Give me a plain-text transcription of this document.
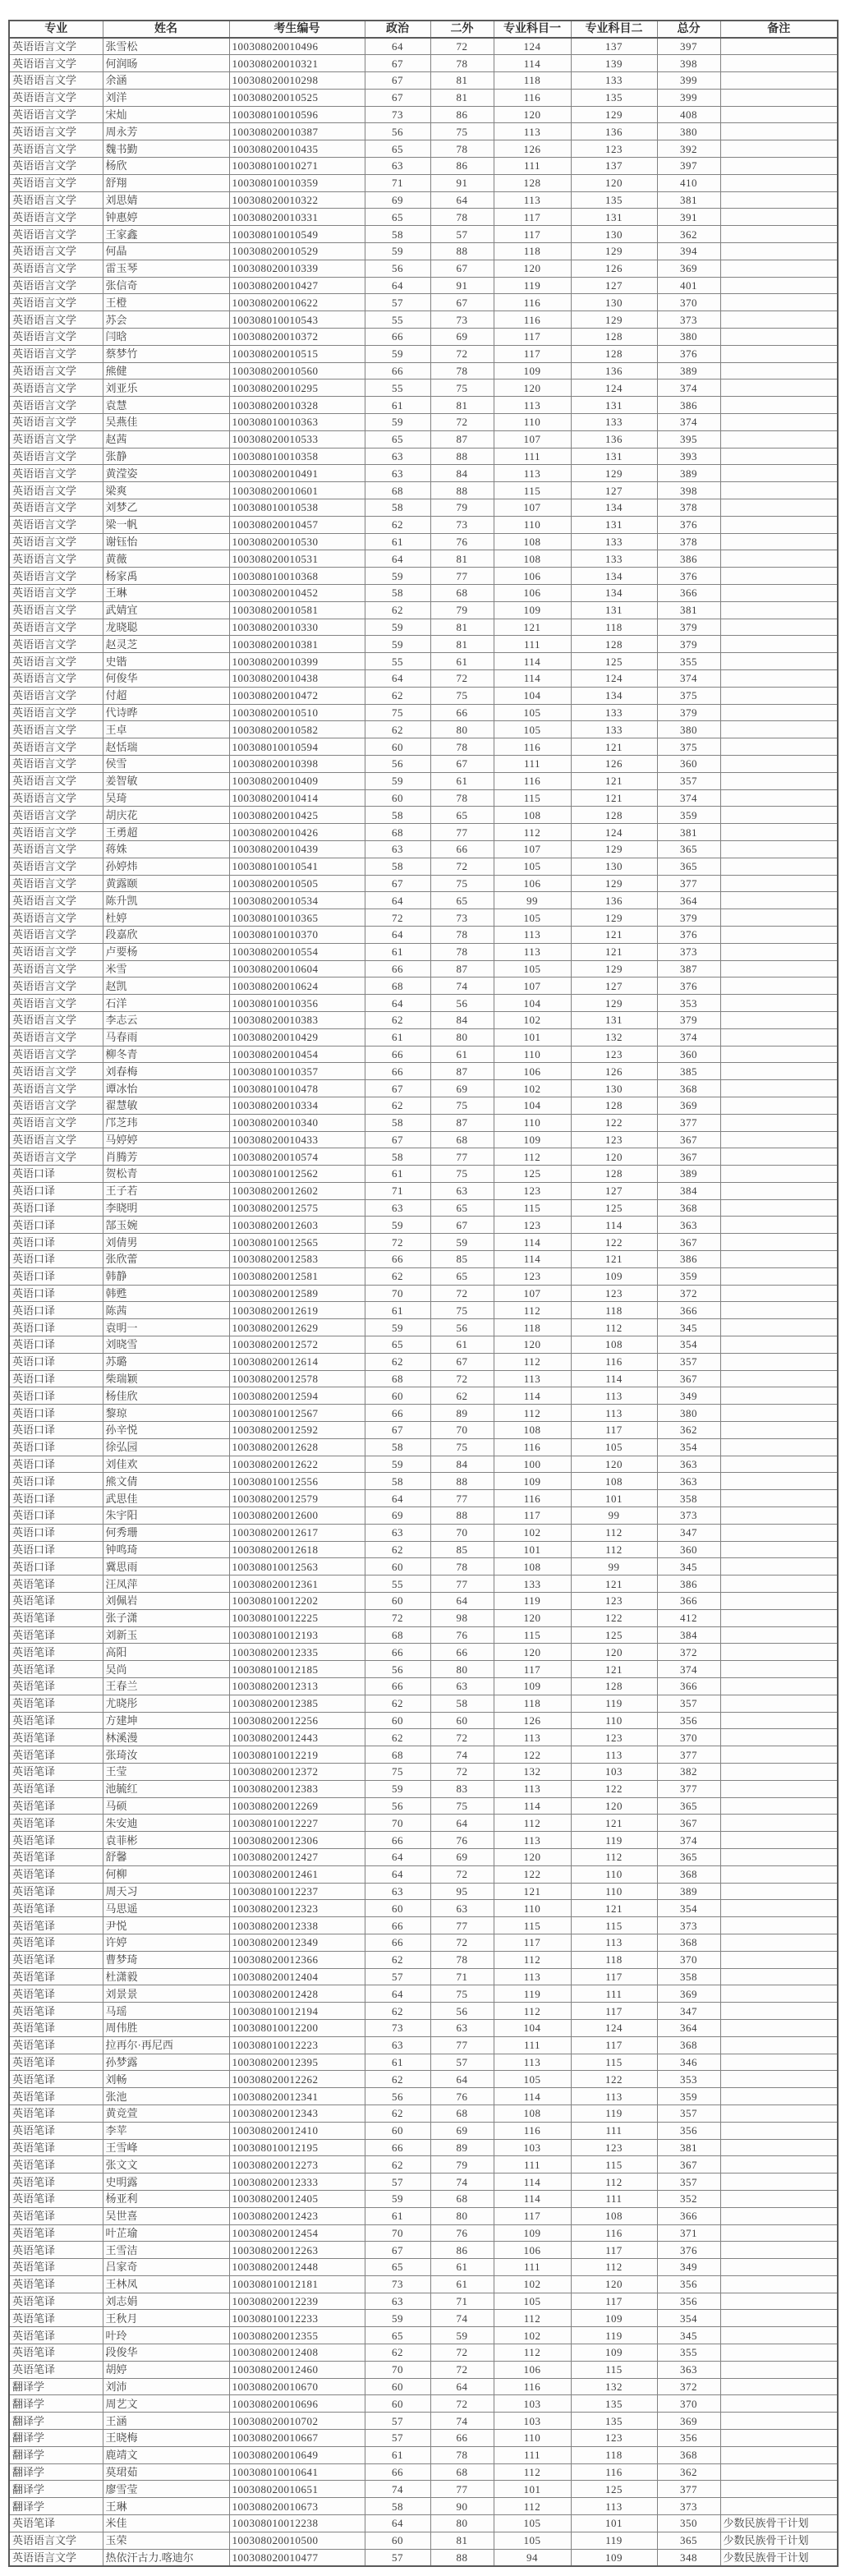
专业	姓名	考生编号	政治	二外	专业科目一	专业科目二	总分	备注
英语语言文学	张雪松	100308020010496	64	72	124	137	397	
英语语言文学	何润旸	100308020010321	67	78	114	139	398	
英语语言文学	余涵	100308020010298	67	81	118	133	399	
英语语言文学	刘洋	100308020010525	67	81	116	135	399	
英语语言文学	宋灿	100308010010596	73	86	120	129	408	
英语语言文学	周永芳	100308020010387	56	75	113	136	380	
英语语言文学	魏书勤	100308020010435	65	78	126	123	392	
英语语言文学	杨欣	100308010010271	63	86	111	137	397	
英语语言文学	舒翔	100308010010359	71	91	128	120	410	
英语语言文学	刘思婧	100308020010322	69	64	113	135	381	
英语语言文学	钟惠婷	100308020010331	65	78	117	131	391	
英语语言文学	王家鑫	100308010010549	58	57	117	130	362	
英语语言文学	何晶	100308020010529	59	88	118	129	394	
英语语言文学	雷玉琴	100308020010339	56	67	120	126	369	
英语语言文学	张信奇	100308020010427	64	91	119	127	401	
英语语言文学	王橙	100308020010622	57	67	116	130	370	
英语语言文学	苏会	100308010010543	55	73	116	129	373	
英语语言文学	闫晗	100308020010372	66	69	117	128	380	
英语语言文学	蔡梦竹	100308020010515	59	72	117	128	376	
英语语言文学	熊健	100308020010560	66	78	109	136	389	
英语语言文学	刘亚乐	100308020010295	55	75	120	124	374	
英语语言文学	袁慧	100308020010328	61	81	113	131	386	
英语语言文学	吴燕佳	100308010010363	59	72	110	133	374	
英语语言文学	赵茜	100308020010533	65	87	107	136	395	
英语语言文学	张静	100308010010358	63	88	111	131	393	
英语语言文学	黄滢姿	100308020010491	63	84	113	129	389	
英语语言文学	梁爽	100308020010601	68	88	115	127	398	
英语语言文学	刘梦乙	100308010010538	58	79	107	134	378	
英语语言文学	梁一帆	100308020010457	62	73	110	131	376	
英语语言文学	谢钰怡	100308020010530	61	76	108	133	378	
英语语言文学	黄薇	100308020010531	64	81	108	133	386	
英语语言文学	杨家禹	100308010010368	59	77	106	134	376	
英语语言文学	王琳	100308020010452	58	68	106	134	366	
英语语言文学	武婧宜	100308020010581	62	79	109	131	381	
英语语言文学	龙晓聪	100308020010330	59	81	121	118	379	
英语语言文学	赵灵芝	100308020010381	59	81	111	128	379	
英语语言文学	史锴	100308020010399	55	61	114	125	355	
英语语言文学	何俊华	100308020010438	64	72	114	124	374	
英语语言文学	付超	100308020010472	62	75	104	134	375	
英语语言文学	代诗晔	100308020010510	75	66	105	133	379	
英语语言文学	王卓	100308020010582	62	80	105	133	380	
英语语言文学	赵恬瑞	100308010010594	60	78	116	121	375	
英语语言文学	侯雪	100308020010398	56	67	111	126	360	
英语语言文学	姜智敏	100308020010409	59	61	116	121	357	
英语语言文学	吴琦	100308020010414	60	78	115	121	374	
英语语言文学	胡庆花	100308020010425	58	65	108	128	359	
英语语言文学	王勇超	100308020010426	68	77	112	124	381	
英语语言文学	蒋姝	100308020010439	63	66	107	129	365	
英语语言文学	孙婷炜	100308010010541	58	72	105	130	365	
英语语言文学	黄露颐	100308020010505	67	75	106	129	377	
英语语言文学	陈升凯	100308020010534	64	65	99	136	364	
英语语言文学	杜婷	100308010010365	72	73	105	129	379	
英语语言文学	段嘉欣	100308010010370	64	78	113	121	376	
英语语言文学	卢要杨	100308020010554	61	78	113	121	373	
英语语言文学	米雪	100308020010604	66	87	105	129	387	
英语语言文学	赵凯	100308020010624	68	74	107	127	376	
英语语言文学	石洋	100308010010356	64	56	104	129	353	
英语语言文学	李志云	100308020010383	62	84	102	131	379	
英语语言文学	马春雨	100308020010429	61	80	101	132	374	
英语语言文学	柳冬青	100308020010454	66	61	110	123	360	
英语语言文学	刘春梅	100308010010357	66	87	106	126	385	
英语语言文学	谭冰怡	100308010010478	67	69	102	130	368	
英语语言文学	翟慧敏	100308020010334	62	75	104	128	369	
英语语言文学	邝芝玮	100308020010340	58	87	110	122	377	
英语语言文学	马婷婷	100308020010433	67	68	109	123	367	
英语语言文学	肖腾芳	100308020010574	58	77	112	120	367	
英语口译	贺松青	100308010012562	61	75	125	128	389	
英语口译	王子若	100308020012602	71	63	123	127	384	
英语口译	李晓明	100308020012575	63	65	115	125	368	
英语口译	郜玉婉	100308020012603	59	67	123	114	363	
英语口译	刘倩男	100308010012565	72	59	114	122	367	
英语口译	张欣蕾	100308020012583	66	85	114	121	386	
英语口译	韩静	100308020012581	62	65	123	109	359	
英语口译	韩甦	100308020012589	70	72	107	123	372	
英语口译	陈茜	100308020012619	61	75	112	118	366	
英语口译	袁明一	100308020012629	59	56	118	112	345	
英语口译	刘晓雪	100308020012572	65	61	120	108	354	
英语口译	苏璐	100308020012614	62	67	112	116	357	
英语口译	柴瑞颖	100308020012578	68	72	113	114	367	
英语口译	杨佳欣	100308020012594	60	62	114	113	349	
英语口译	黎琼	100308010012567	66	89	112	113	380	
英语口译	孙辛悦	100308020012592	67	70	108	117	362	
英语口译	徐弘园	100308020012628	58	75	116	105	354	
英语口译	刘佳欢	100308020012622	59	84	100	120	363	
英语口译	熊文倩	100308010012556	58	88	109	108	363	
英语口译	武思佳	100308020012579	64	77	116	101	358	
英语口译	朱宇阳	100308020012600	69	88	117	99	373	
英语口译	何秀珊	100308020012617	63	70	102	112	347	
英语口译	钟鸣琦	100308020012618	62	85	101	112	360	
英语口译	冀思雨	100308010012563	60	78	108	99	345	
英语笔译	汪凤萍	100308020012361	55	77	133	121	386	
英语笔译	刘佩岩	100308010012202	60	64	119	123	366	
英语笔译	张子潇	100308010012225	72	98	120	122	412	
英语笔译	刘新玉	100308010012193	68	76	115	125	384	
英语笔译	高阳	100308020012335	66	66	120	120	372	
英语笔译	吴尚	100308010012185	56	80	117	121	374	
英语笔译	王春兰	100308020012313	66	63	109	128	366	
英语笔译	尤晓彤	100308020012385	62	58	118	119	357	
英语笔译	方建坤	100308020012256	60	60	126	110	356	
英语笔译	林溪漫	100308020012443	62	72	113	123	370	
英语笔译	张琦汝	100308010012219	68	74	122	113	377	
英语笔译	王莹	100308020012372	75	72	132	103	382	
英语笔译	池毓红	100308020012383	59	83	113	122	377	
英语笔译	马硕	100308020012269	56	75	114	120	365	
英语笔译	朱安迪	100308010012227	70	64	112	121	367	
英语笔译	袁菲彬	100308020012306	66	76	113	119	374	
英语笔译	舒馨	100308020012427	64	69	120	112	365	
英语笔译	何柳	100308020012461	64	72	122	110	368	
英语笔译	周天习	100308010012237	63	95	121	110	389	
英语笔译	马思遥	100308020012323	60	63	110	121	354	
英语笔译	尹悦	100308020012338	66	77	115	115	373	
英语笔译	许婷	100308020012349	66	72	117	113	368	
英语笔译	曹梦琦	100308020012366	62	78	112	118	370	
英语笔译	杜潇毅	100308020012404	57	71	113	117	358	
英语笔译	刘景景	100308020012428	64	75	119	111	369	
英语笔译	马瑶	100308010012194	62	56	112	117	347	
英语笔译	周伟胜	100308010012200	73	63	104	124	364	
英语笔译	拉再尔·再尼西	100308010012223	63	77	111	117	368	
英语笔译	孙梦露	100308020012395	61	57	113	115	346	
英语笔译	刘畅	100308020012262	62	64	105	122	353	
英语笔译	张池	100308020012341	56	76	114	113	359	
英语笔译	黄竞萱	100308020012343	62	68	108	119	357	
英语笔译	李苹	100308020012410	60	69	116	111	356	
英语笔译	王雪峰	100308010012195	66	89	103	123	381	
英语笔译	张文文	100308020012273	62	79	111	115	367	
英语笔译	史明露	100308020012333	57	74	114	112	357	
英语笔译	杨亚利	100308020012405	59	68	114	111	352	
英语笔译	吴世喜	100308020012423	61	80	117	108	366	
英语笔译	叶芷瑜	100308020012454	70	76	109	116	371	
英语笔译	王雪洁	100308020012263	67	86	106	117	376	
英语笔译	吕家奇	100308020012448	65	61	111	112	349	
英语笔译	王林凤	100308010012181	73	61	102	120	356	
英语笔译	刘志娟	100308020012239	63	71	105	117	356	
英语笔译	王秋月	100308010012233	59	74	112	109	354	
英语笔译	叶玲	100308020012355	65	59	102	119	345	
英语笔译	段俊华	100308020012408	62	72	112	109	355	
英语笔译	胡婷	100308020012460	70	72	106	115	363	
翻译学	刘沛	100308020010670	60	64	116	132	372	
翻译学	周艺文	100308020010696	60	72	103	135	370	
翻译学	王涵	100308020010702	57	74	103	135	369	
翻译学	王晓梅	100308020010667	57	66	110	123	356	
翻译学	鹿靖文	100308020010649	61	78	111	118	368	
翻译学	莫珺茹	100308010010641	66	68	112	116	362	
翻译学	廖雪莹	100308020010651	74	77	101	125	377	
翻译学	王琳	100308020010673	58	90	112	113	373	
英语笔译	米佳	100308010012238	64	80	105	101	350	少数民族骨干计划
英语语言文学	玉荣	100308020010500	60	81	105	119	365	少数民族骨干计划
英语语言文学	热依汗古力.喀迪尔	100308020010477	57	88	94	109	348	少数民族骨干计划
